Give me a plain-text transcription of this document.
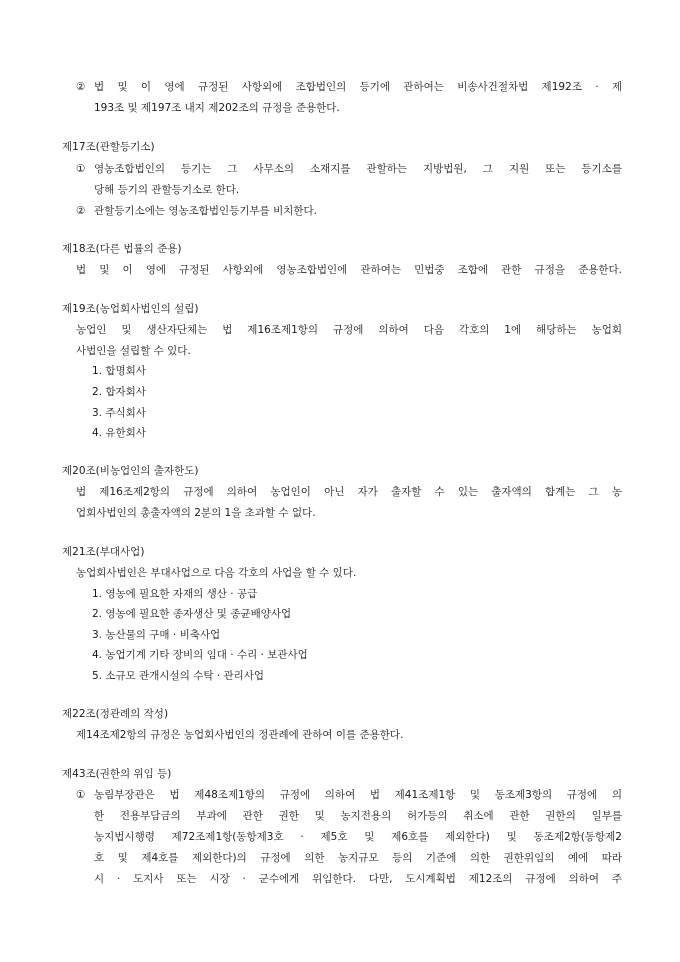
② 법 및 이 영에 규정된 사항외에 조합법인의 등기에 관하여는 비송사건절차법 제192조 · 제
193조 및 제197조 내지 제202조의 규정을 준용한다.
제17조(관할등기소)
① 영농조합법인의 등기는 그 사무소의 소재지를 관할하는 지방법원, 그 지원 또는 등기소를
당해 등기의 관할등기소로 한다.
② 관할등기소에는 영농조합법인등기부를 비치한다.
제18조(다른 법률의 준용)
법 및 이 영에 규정된 사항외에 영농조합법인에 관하여는 민법중 조합에 관한 규정을 준용한다.
제19조(농업회사법인의 설립)
농업인 및 생산자단체는 법 제16조제1항의 규정에 의하여 다음 각호의 1에 해당하는 농업회
사법인을 설립할 수 있다.
1. 합명회사
2. 합자회사
3. 주식회사
4. 유한회사
제20조(비농업인의 출자한도)
법 제16조제2항의 규정에 의하여 농업인이 아닌 자가 출자할 수 있는 출자액의 합계는 그 농
업회사법인의 총출자액의 2분의 1을 초과할 수 없다.
제21조(부대사업)
농업회사법인은 부대사업으로 다음 각호의 사업을 할 수 있다.
1. 영농에 필요한 자재의 생산 · 공급
2. 영농에 필요한 종자생산 및 종균배양사업
3. 농산물의 구매 · 비축사업
4. 농업기계 기타 장비의 임대 · 수리 · 보관사업
5. 소규모 관개시설의 수탁 · 관리사업
제22조(정관례의 작성)
제14조제2항의 규정은 농업회사법인의 정관례에 관하여 이를 준용한다.
제43조(권한의 위임 등)
① 농림부장관은 법 제48조제1항의 규정에 의하여 법 제41조제1항 및 동조제3항의 규정에 의
한 전용부담금의 부과에 관한 권한 및 농지전용의 허가등의 취소에 관한 권한의 일부를
농지법시행령 제72조제1항(동항제3호 · 제5호 및 제6호를 제외한다) 및 동조제2항(동항제2
호 및 제4호를 제외한다)의 규정에 의한 농지규모 등의 기준에 의한 권한위임의 예에 따라
시 · 도지사 또는 시장 · 군수에게 위임한다. 다만, 도시계획법 제12조의 규정에 의하여 주
